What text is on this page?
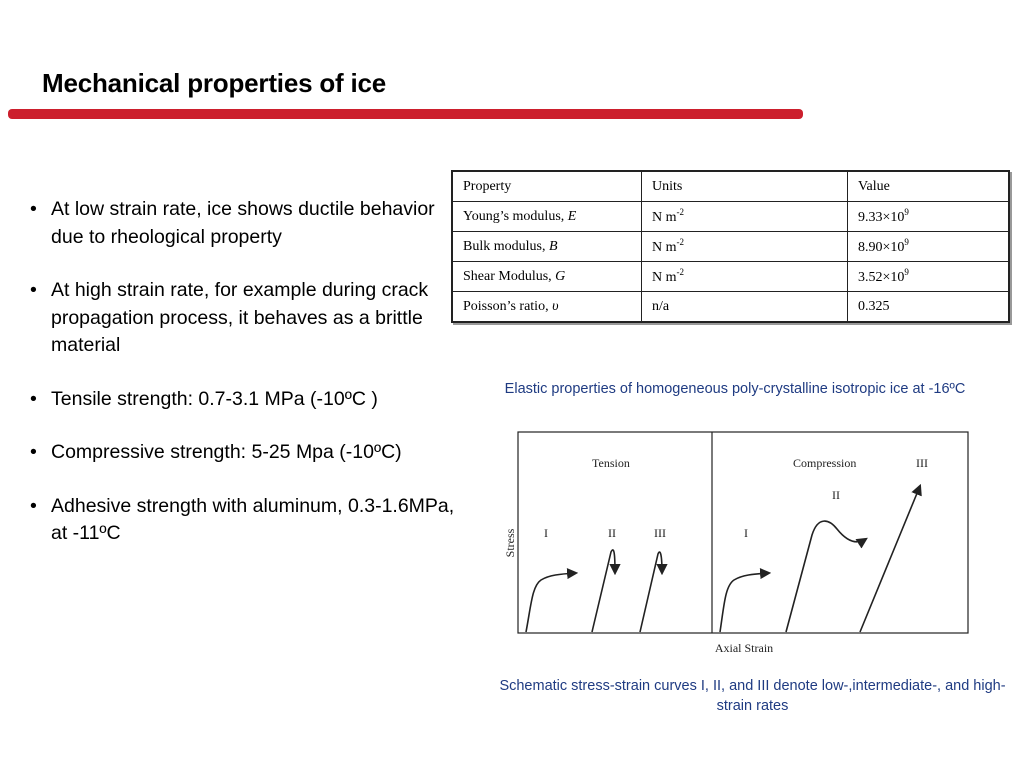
Mechanical properties of ice
• At low strain rate, ice shows ductile behavior due to rheological property
• At high strain rate, for example during crack propagation process, it behaves as a brittle material
• Tensile strength: 0.7-3.1 MPa (-10ºC )
• Compressive strength: 5-25 Mpa (-10ºC)
• Adhesive strength with aluminum, 0.3-1.6MPa, at -11ºC
Property	Units	Value
Young’s modulus, E	N $m^{-2}$	$9.33\times 10^9$
Bulk modulus, B	N $m^{-2}$	$8.90\times 10^9$
Shear Modulus, G	N $m^{-2}$	$3.52\times 10^9$
Poisson’s ratio, υ	n/a	0.325
Elastic properties of homogeneous poly-crystalline isotropic ice at -16ºC
Tension	Compression
Stress
Axial Strain
I	II	III	I
II
III
Schematic stress-strain curves I, II, and III denote low-,intermediate-, and high-strain rates
